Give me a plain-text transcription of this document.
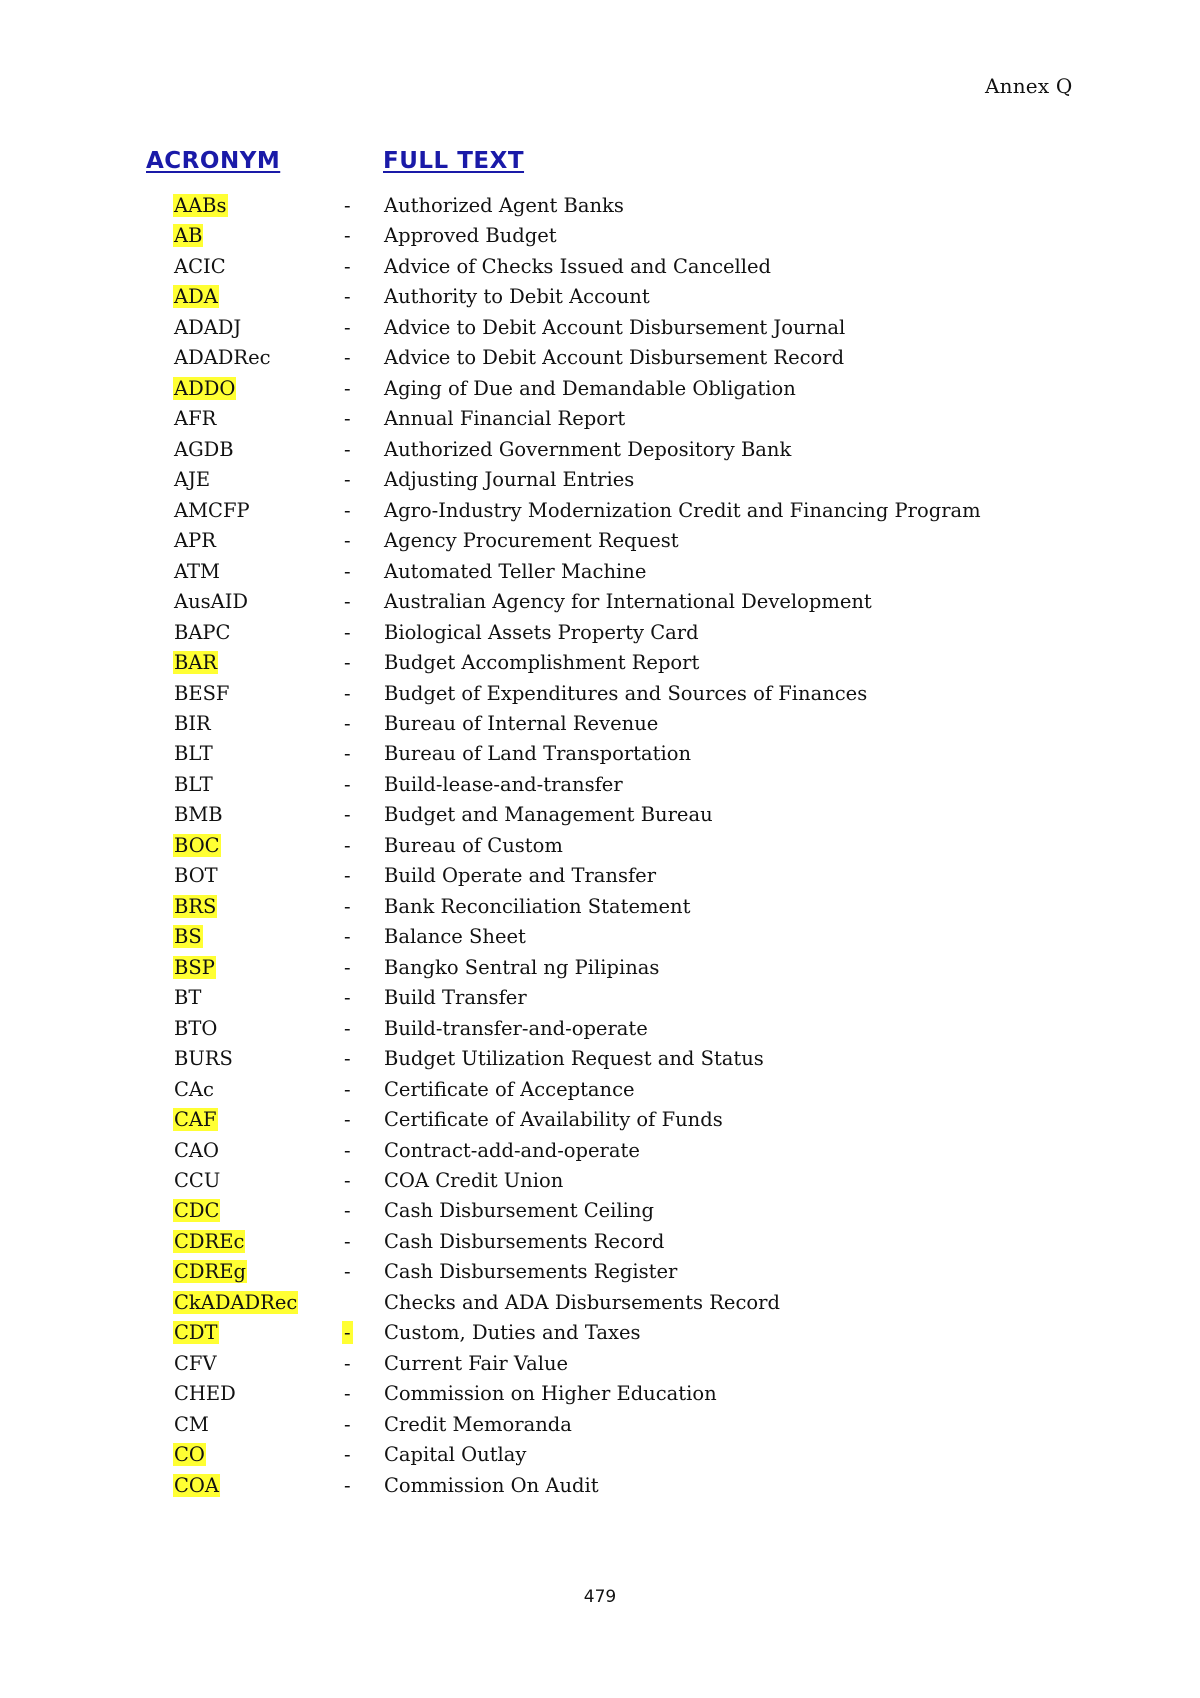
Annex Q
ACRONYM	FULL TEXT
AABs	- Authorized Agent Banks
AB	- Approved Budget
ACIC	- Advice of Checks Issued and Cancelled
ADA	- Authority to Debit Account
ADADJ	- Advice to Debit Account Disbursement Journal
ADADRec	- Advice to Debit Account Disbursement Record
ADDO	- Aging of Due and Demandable Obligation
AFR	- Annual Financial Report
AGDB	- Authorized Government Depository Bank
AJE	- Adjusting Journal Entries
AMCFP	- Agro-Industry Modernization Credit and Financing Program
APR	- Agency Procurement Request
ATM	- Automated Teller Machine
AusAID	- Australian Agency for International Development
BAPC	- Biological Assets Property Card
BAR	- Budget Accomplishment Report
BESF	- Budget of Expenditures and Sources of Finances
BIR	- Bureau of Internal Revenue
BLT	- Bureau of Land Transportation
BLT	- Build-lease-and-transfer
BMB	- Budget and Management Bureau
BOC	- Bureau of Custom
BOT	- Build Operate and Transfer
BRS	- Bank Reconciliation Statement
BS	- Balance Sheet
BSP	- Bangko Sentral ng Pilipinas
BT	- Build Transfer
BTO	- Build-transfer-and-operate
BURS	- Budget Utilization Request and Status
CAc	- Certificate of Acceptance
CAF	- Certificate of Availability of Funds
CAO	- Contract-add-and-operate
CCU	- COA Credit Union
CDC	- Cash Disbursement Ceiling
CDREc	- Cash Disbursements Record
CDREg	- Cash Disbursements Register
CkADADRec	Checks and ADA Disbursements Record
CDT	- Custom, Duties and Taxes
CFV	- Current Fair Value
CHED	- Commission on Higher Education
CM	- Credit Memoranda
CO	- Capital Outlay
COA	- Commission On Audit
479
